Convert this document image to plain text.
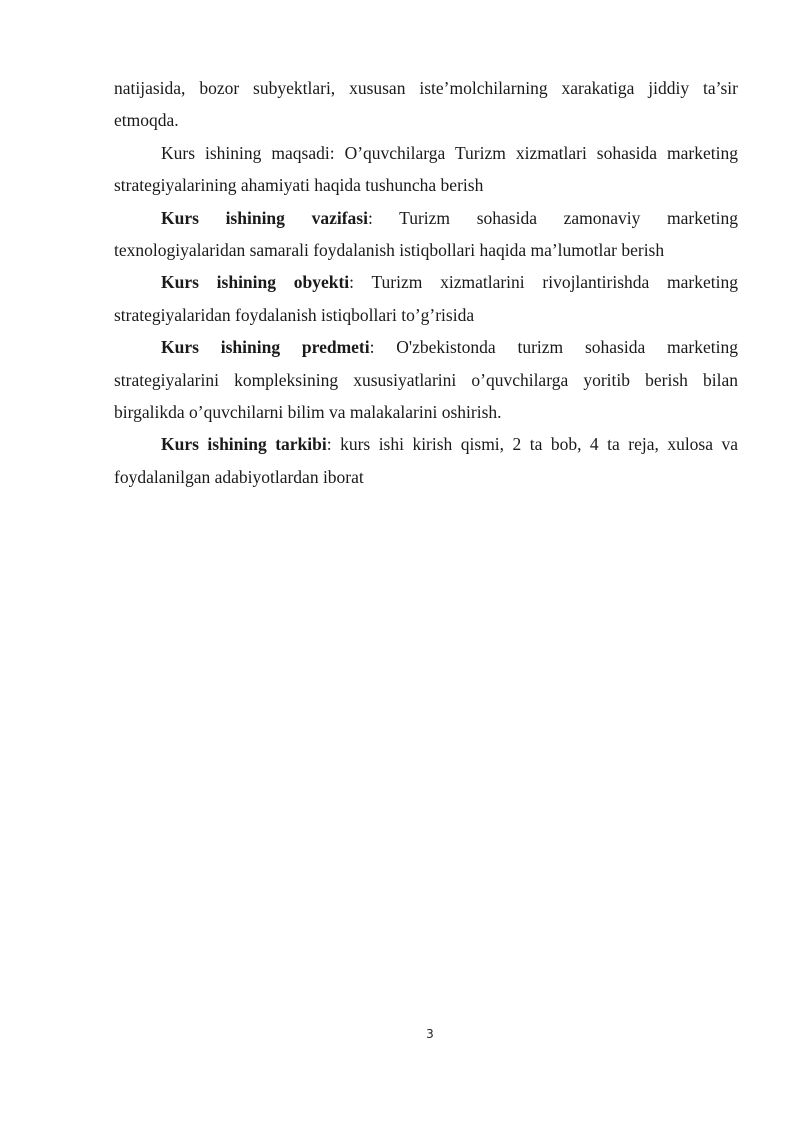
natijasida, bozor subyektlari, xususan iste’molchilarning xarakatiga jiddiy ta’sir etmoqda.

Kurs ishining maqsadi: O’quvchilarga Turizm xizmatlari sohasida marketing strategiyalarining ahamiyati haqida tushuncha berish

Kurs ishining vazifasi: Turizm sohasida zamonaviy marketing texnologiyalaridan samarali foydalanish istiqbollari haqida ma’lumotlar berish

Kurs ishining obyekti: Turizm xizmatlarini rivojlantirishda marketing strategiyalaridan foydalanish istiqbollari to’g’risida

Kurs ishining predmeti: O'zbekistonda turizm sohasida marketing strategiyalarini kompleksining xususiyatlarini o’quvchilarga yoritib berish bilan birgalikda o’quvchilarni bilim va malakalarini oshirish.

Kurs ishining tarkibi: kurs ishi kirish qismi, 2 ta bob, 4 ta reja, xulosa va foydalanilgan adabiyotlardan iborat

3
